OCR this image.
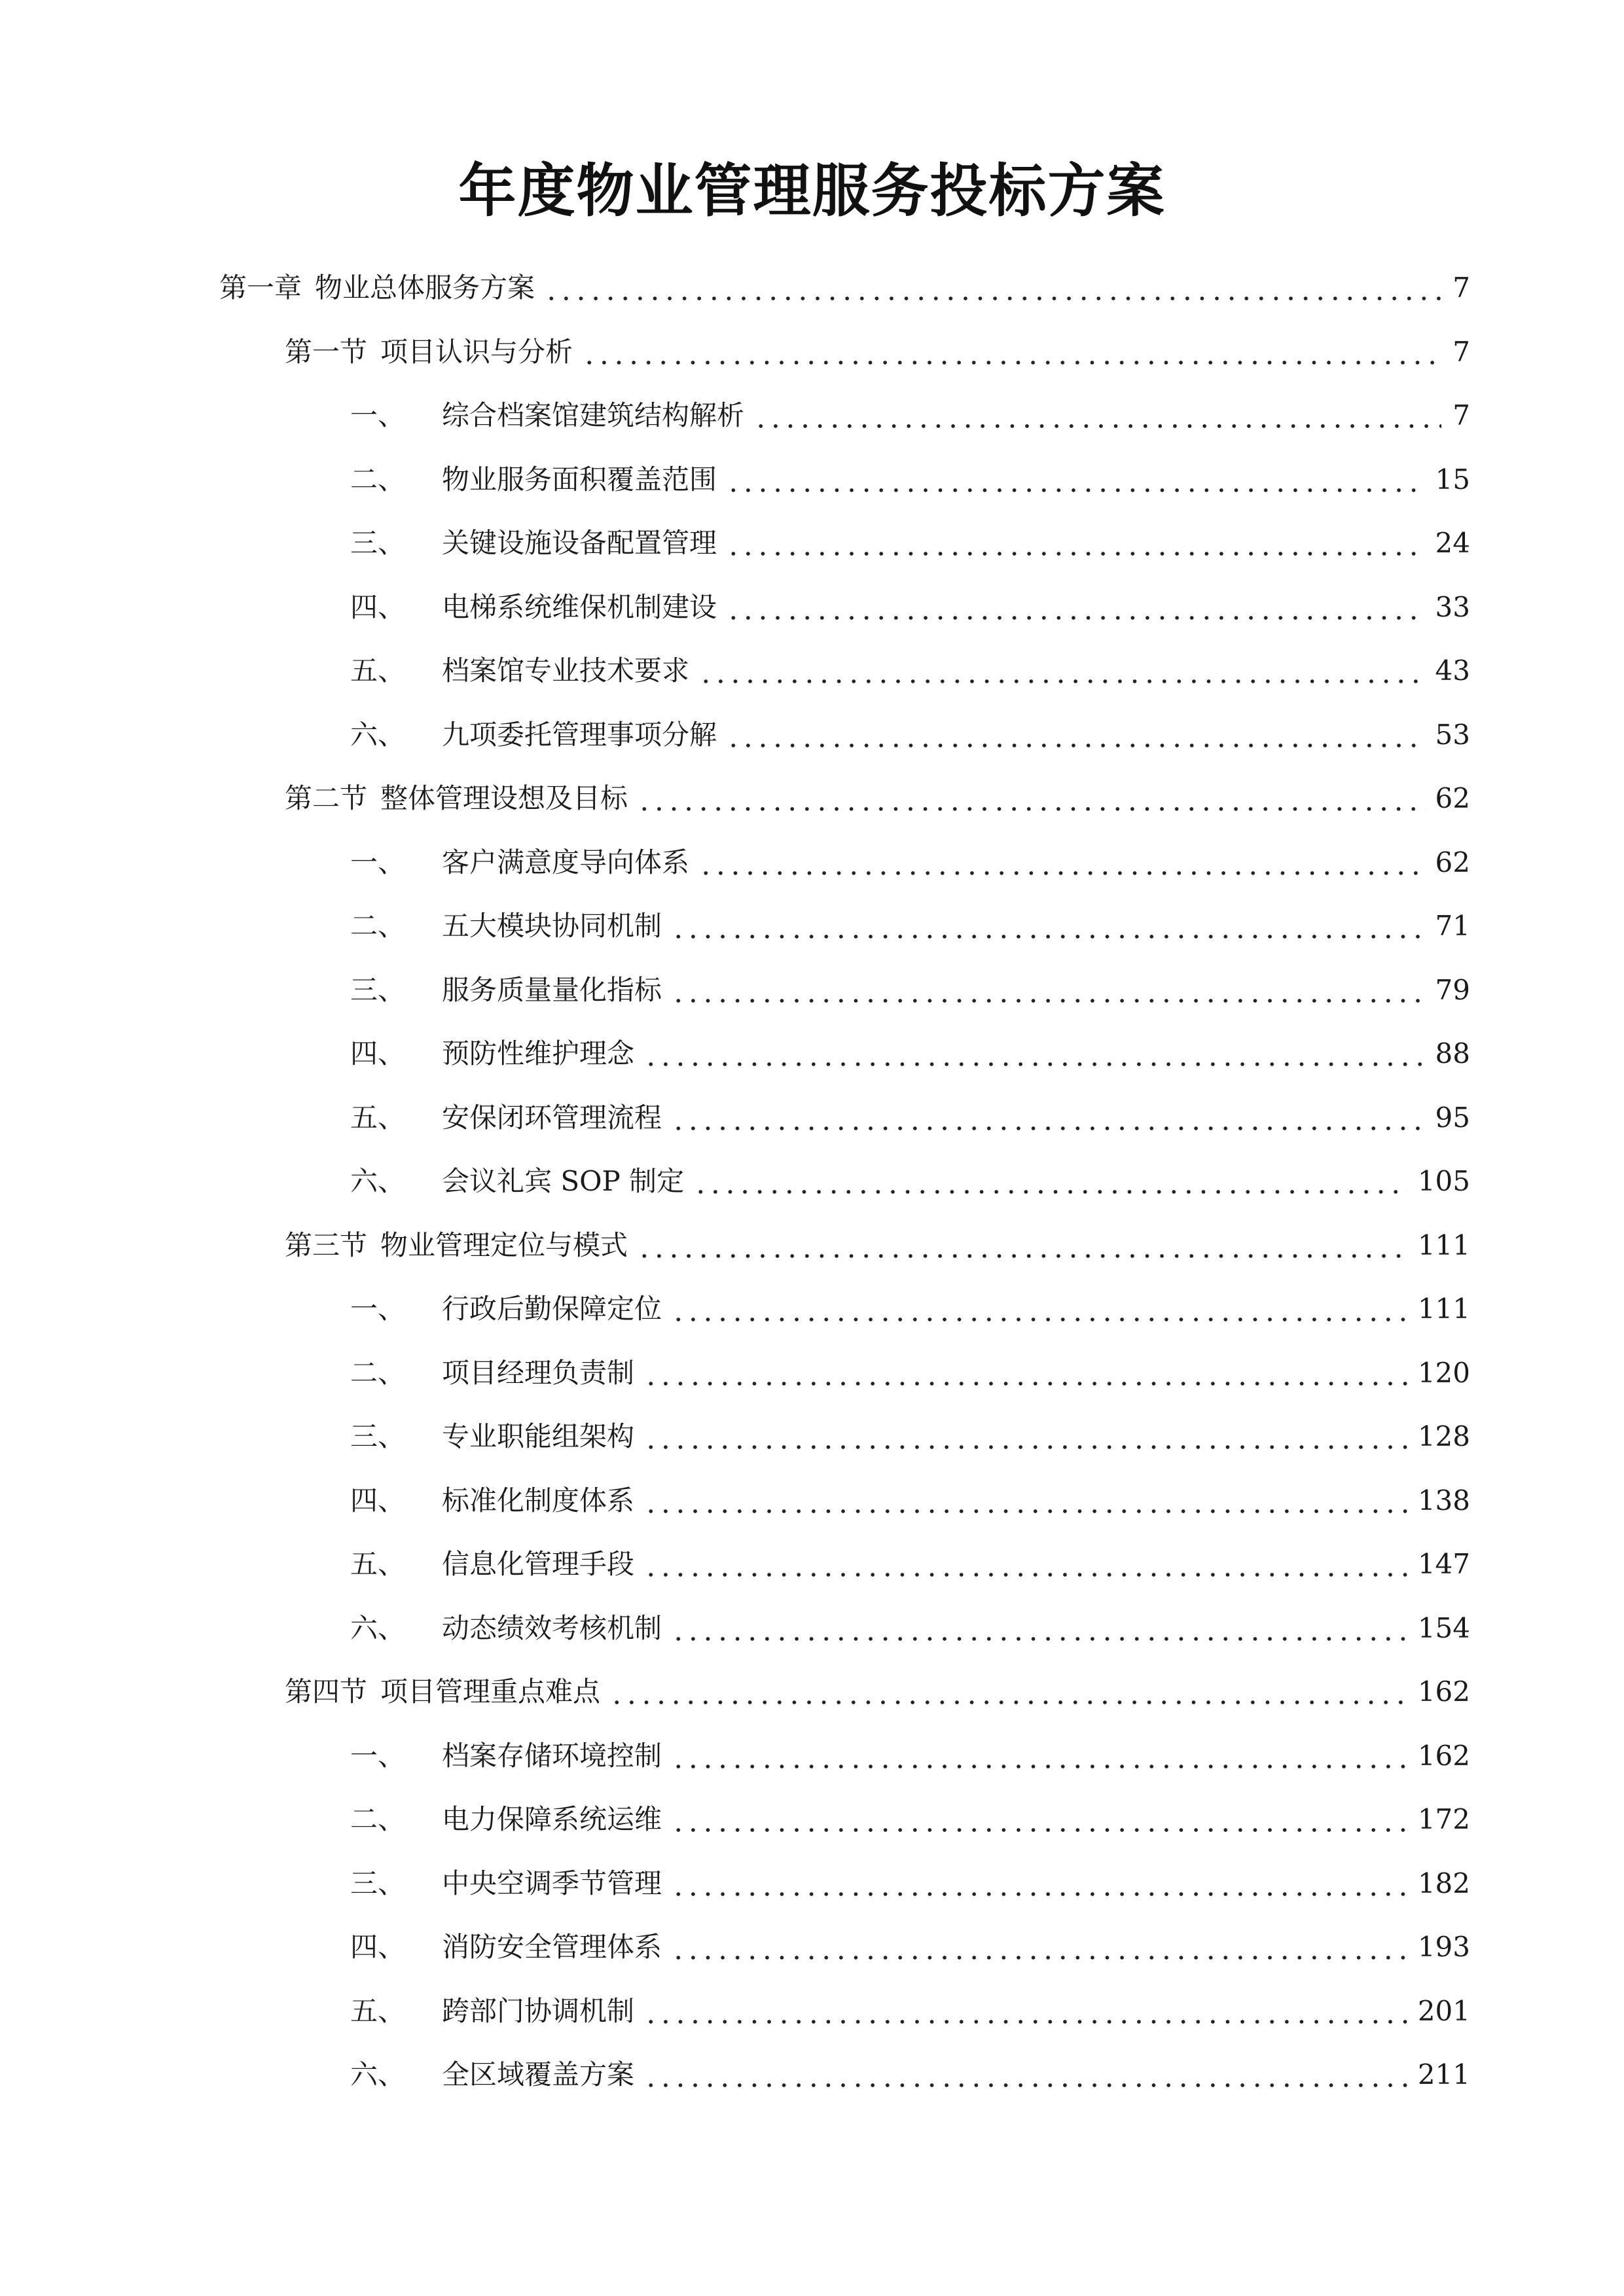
年度物业管理服务投标方案
第一章 物业总体服务方案	7
第一节 项目认识与分析	7
一、	综合档案馆建筑结构解析	7
二、	物业服务面积覆盖范围	15
三、	关键设施设备配置管理	24
四、	电梯系统维保机制建设	33
五、	档案馆专业技术要求	43
六、	九项委托管理事项分解	53
第二节 整体管理设想及目标	62
一、	客户满意度导向体系	62
二、	五大模块协同机制	71
三、	服务质量量化指标	79
四、	预防性维护理念	88
五、	安保闭环管理流程	95
六、	会议礼宾 SOP 制定	105
第三节 物业管理定位与模式	111
一、	行政后勤保障定位	111
二、	项目经理负责制	120
三、	专业职能组架构	128
四、	标准化制度体系	138
五、	信息化管理手段	147
六、	动态绩效考核机制	154
第四节 项目管理重点难点	162
一、	档案存储环境控制	162
二、	电力保障系统运维	172
三、	中央空调季节管理	182
四、	消防安全管理体系	193
五、	跨部门协调机制	201
六、	全区域覆盖方案	211
